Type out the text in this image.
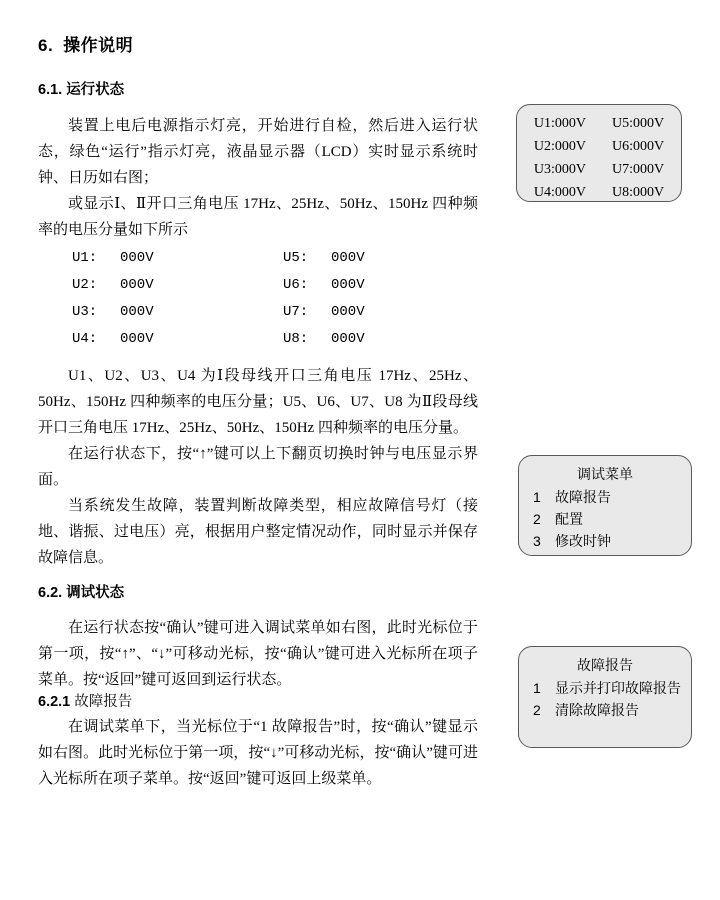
6. 操作说明
6.1. 运行状态

装置上电后电源指示灯亮，开始进行自检，然后进入运行状态，绿色“运行”指示灯亮，液晶显示器（LCD）实时显示系统时钟、日历如右图；

或显示Ⅰ、Ⅱ开口三角电压 17Hz、25Hz、50Hz、150Hz 四种频率的电压分量如下所示

U1:	000V	U5:	000V
U2:	000V	U6:	000V
U3:	000V	U7:	000V
U4:	000V	U8:	000V

U1、U2、U3、U4 为Ⅰ段母线开口三角电压 17Hz、25Hz、50Hz、150Hz 四种频率的电压分量；U5、U6、U7、U8 为Ⅱ段母线开口三角电压 17Hz、25Hz、50Hz、150Hz 四种频率的电压分量。

在运行状态下，按“↑”键可以上下翻页切换时钟与电压显示界面。

当系统发生故障，装置判断故障类型，相应故障信号灯（接地、谐振、过电压）亮，根据用户整定情况动作，同时显示并保存故障信息。

6.2. 调试状态

在运行状态按“确认”键可进入调试菜单如右图，此时光标位于第一项，按“↑”、“↓”可移动光标，按“确认”键可进入光标所在项子菜单。按“返回”键可返回到运行状态。

6.2.1 故障报告

在调试菜单下，当光标位于“1 故障报告”时，按“确认”键显示如右图。此时光标位于第一项，按“↓”可移动光标，按“确认”键可进入光标所在项子菜单。按“返回”键可返回上级菜单。

U1:000V	U5:000V
U2:000V	U6:000V
U3:000V	U7:000V
U4:000V	U8:000V
调试菜单
1 故障报告
2 配置
3 修改时钟
故障报告
1 显示并打印故障报告
2 清除故障报告
